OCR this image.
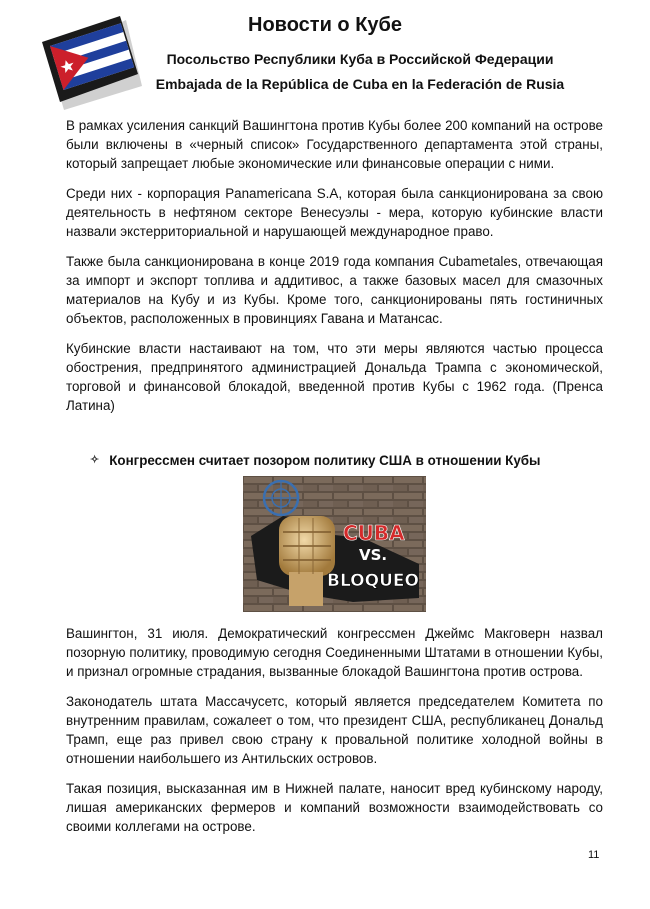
Новости о Кубе
Посольство Республики Куба в Российской Федерации
Embajada de la República de Cuba en la Federación de Rusia

В рамках усиления санкций Вашингтона против Кубы более 200 компаний на острове были включены в «черный список» Государственного департамента этой страны, который запрещает любые экономические или финансовые операции с ними.

Среди них - корпорация Panamericana S.A, которая была санкционирована за свою деятельность в нефтяном секторе Венесуэлы - мера, которую кубинские власти назвали экстерриториальной и нарушающей международное право.

Также была санкционирована в конце 2019 года компания Cubametales, отвечающая за импорт и экспорт топлива и аддитивос, а также базовых масел для смазочных материалов на Кубу и из Кубы. Кроме того, санкционированы пять гостиничных объектов, расположенных в провинциях Гавана и Матансас.

Кубинские власти настаивают на том, что эти меры являются частью процесса обострения, предпринятого администрацией Дональда Трампа с экономической, торговой и финансовой блокадой, введенной против Кубы с 1962 года. (Пренса Латина)

✧ Конгрессмен считает позором политику США в отношении Кубы
CUBA
VS.
BLOQUEO

Вашингтон, 31 июля. Демократический конгрессмен Джеймс Макговерн назвал позорную политику, проводимую сегодня Соединенными Штатами в отношении Кубы, и признал огромные страдания, вызванные блокадой Вашингтона против острова.

Законодатель штата Массачусетс, который является председателем Комитета по внутренним правилам, сожалеет о том, что президент США, республиканец Дональд Трамп, еще раз привел свою страну к провальной политике холодной войны в отношении наибольшего из Антильских островов.

Такая позиция, высказанная им в Нижней палате, наносит вред кубинскому народу, лишая американских фермеров и компаний возможности взаимодействовать со своими коллегами на острове.

11
